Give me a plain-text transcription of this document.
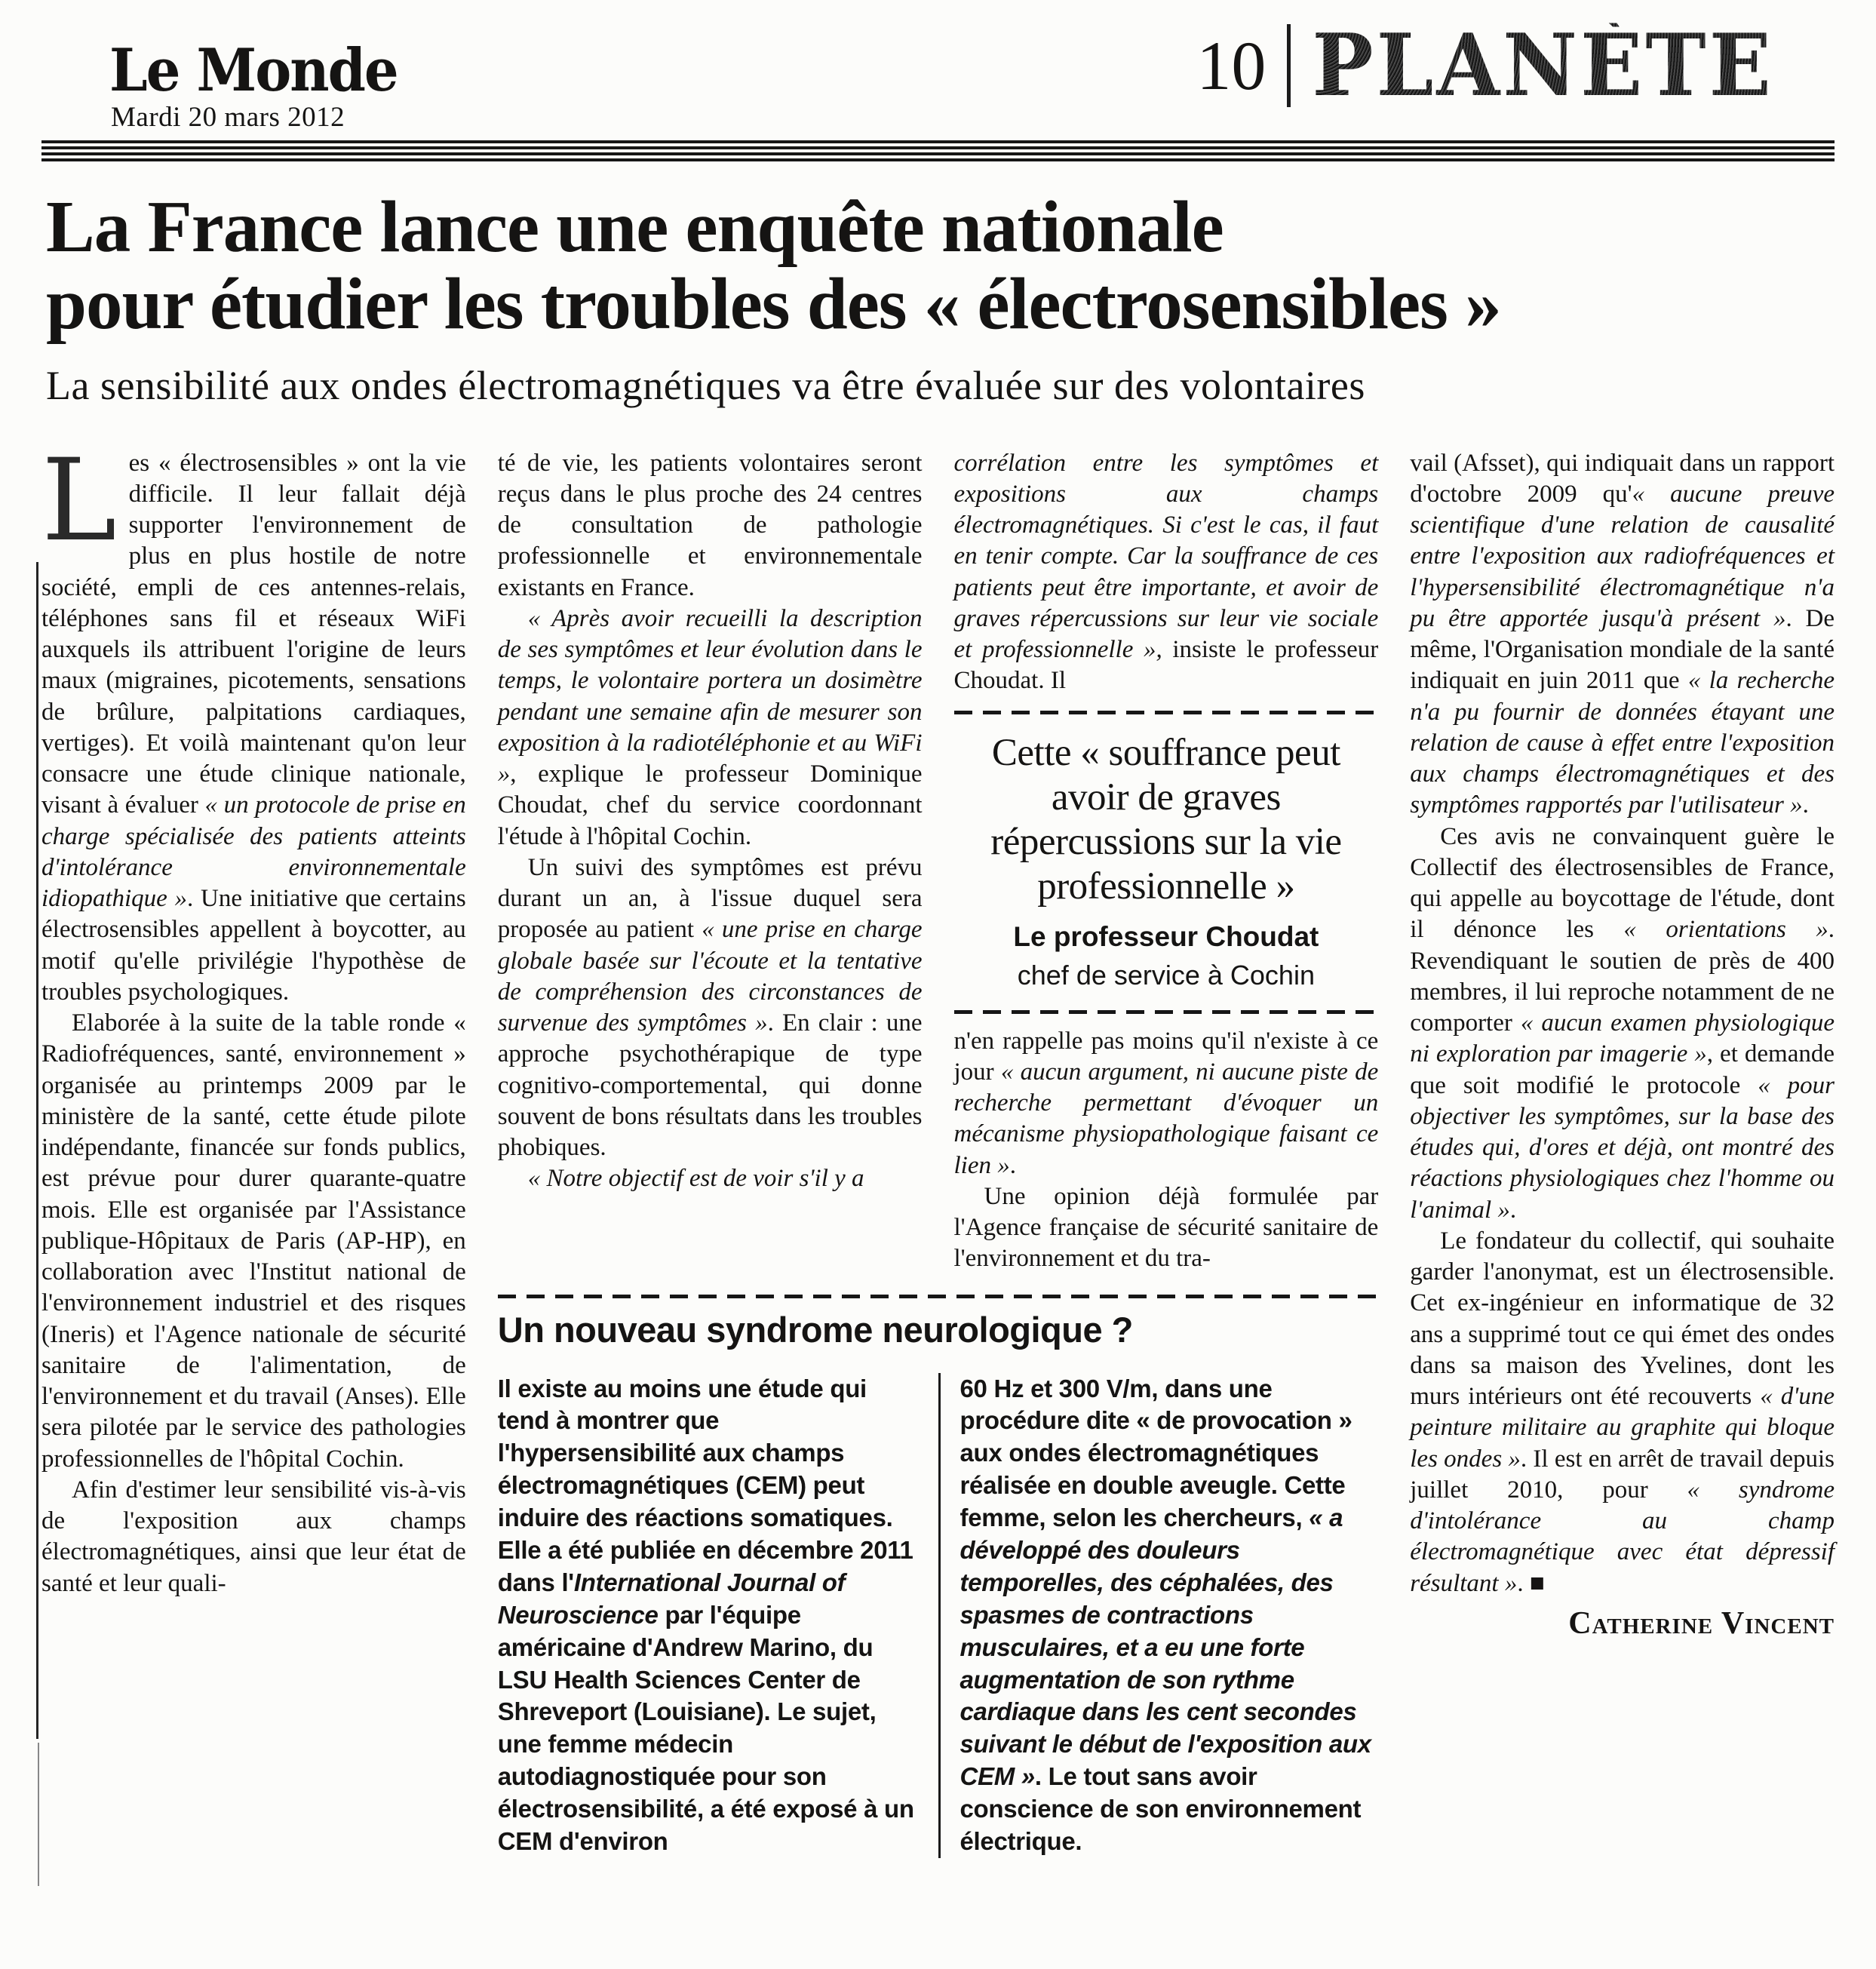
Le Monde
Mardi 20 mars 2012
10 PLANÈTE
La France lance une enquête nationale
pour étudier les troubles des « électrosensibles »
La sensibilité aux ondes électromagnétiques va être évaluée sur des volontaires

Les « électrosensibles » ont la vie difficile. Il leur fallait déjà supporter l'environnement de plus en plus hostile de notre société, empli de ces antennes-relais, téléphones sans fil et réseaux WiFi auxquels ils attribuent l'origine de leurs maux (migraines, picotements, sensations de brûlure, palpitations cardiaques, vertiges). Et voilà maintenant qu'on leur consacre une étude clinique nationale, visant à évaluer « un protocole de prise en charge spécialisée des patients atteints d'intolérance environnementale idiopathique ». Une initiative que certains électrosensibles appellent à boycotter, au motif qu'elle privilégie l'hypothèse de troubles psychologiques.

Elaborée à la suite de la table ronde « Radiofréquences, santé, environnement » organisée au printemps 2009 par le ministère de la santé, cette étude pilote indépendante, financée sur fonds publics, est prévue pour durer quarante-quatre mois. Elle est organisée par l'Assistance publique-Hôpitaux de Paris (AP-HP), en collaboration avec l'Institut national de l'environnement industriel et des risques (Ineris) et l'Agence nationale de sécurité sanitaire de l'alimentation, de l'environnement et du travail (Anses). Elle sera pilotée par le service des pathologies professionnelles de l'hôpital Cochin.

Afin d'estimer leur sensibilité vis-à-vis de l'exposition aux champs électromagnétiques, ainsi que leur état de santé et leur quali-

té de vie, les patients volontaires seront reçus dans le plus proche des 24 centres de consultation de pathologie professionnelle et environnementale existants en France.

« Après avoir recueilli la description de ses symptômes et leur évolution dans le temps, le volontaire portera un dosimètre pendant une semaine afin de mesurer son exposition à la radiotéléphonie et au WiFi », explique le professeur Dominique Choudat, chef du service coordonnant l'étude à l'hôpital Cochin.

Un suivi des symptômes est prévu durant un an, à l'issue duquel sera proposée au patient « une prise en charge globale basée sur l'écoute et la tentative de compréhension des circonstances de survenue des symptômes ». En clair : une approche psychothérapique de type cognitivo-comportemental, qui donne souvent de bons résultats dans les troubles phobiques.

« Notre objectif est de voir s'il y a

corrélation entre les symptômes et expositions aux champs électromagnétiques. Si c'est le cas, il faut en tenir compte. Car la souffrance de ces patients peut être importante, et avoir de graves répercussions sur leur vie sociale et professionnelle », insiste le professeur Choudat. Il

Cette « souffrance peut avoir de graves répercussions sur la vie professionnelle »
Le professeur Choudat
chef de service à Cochin

n'en rappelle pas moins qu'il n'existe à ce jour « aucun argument, ni aucune piste de recherche permettant d'évoquer un mécanisme physiopathologique faisant ce lien ».

Une opinion déjà formulée par l'Agence française de sécurité sanitaire de l'environnement et du tra-

vail (Afsset), qui indiquait dans un rapport d'octobre 2009 qu'« aucune preuve scientifique d'une relation de causalité entre l'exposition aux radiofréquences et l'hypersensibilité électromagnétique n'a pu être apportée jusqu'à présent ». De même, l'Organisation mondiale de la santé indiquait en juin 2011 que « la recherche n'a pu fournir de données étayant une relation de cause à effet entre l'exposition aux champs électromagnétiques et des symptômes rapportés par l'utilisateur ».

Ces avis ne convainquent guère le Collectif des électrosensibles de France, qui appelle au boycottage de l'étude, dont il dénonce les « orientations ». Revendiquant le soutien de près de 400 membres, il lui reproche notamment de ne comporter « aucun examen physiologique ni exploration par imagerie », et demande que soit modifié le protocole « pour objectiver les symptômes, sur la base des études qui, d'ores et déjà, ont montré des réactions physiologiques chez l'homme ou l'animal ».

Le fondateur du collectif, qui souhaite garder l'anonymat, est un électrosensible. Cet ex-ingénieur en informatique de 32 ans a supprimé tout ce qui émet des ondes dans sa maison des Yvelines, dont les murs intérieurs ont été recouverts « d'une peinture militaire au graphite qui bloque les ondes ». Il est en arrêt de travail depuis juillet 2010, pour « syndrome d'intolérance au champ électromagnétique avec état dépressif résultant ». ■

Catherine Vincent
Un nouveau syndrome neurologique ?

Il existe au moins une étude qui tend à montrer que l'hypersensibilité aux champs électromagnétiques (CEM) peut induire des réactions somatiques. Elle a été publiée en décembre 2011 dans l'International Journal of Neuroscience par l'équipe américaine d'Andrew Marino, du LSU Health Sciences Center de Shreveport (Louisiane). Le sujet, une femme médecin autodiagnostiquée pour son électrosensibilité, a été exposé à un CEM d'environ

60 Hz et 300 V/m, dans une procédure dite « de provocation » aux ondes électromagnétiques réalisée en double aveugle. Cette femme, selon les chercheurs, « a développé des douleurs temporelles, des céphalées, des spasmes de contractions musculaires, et a eu une forte augmentation de son rythme cardiaque dans les cent secondes suivant le début de l'exposition aux CEM ». Le tout sans avoir conscience de son environnement électrique.
